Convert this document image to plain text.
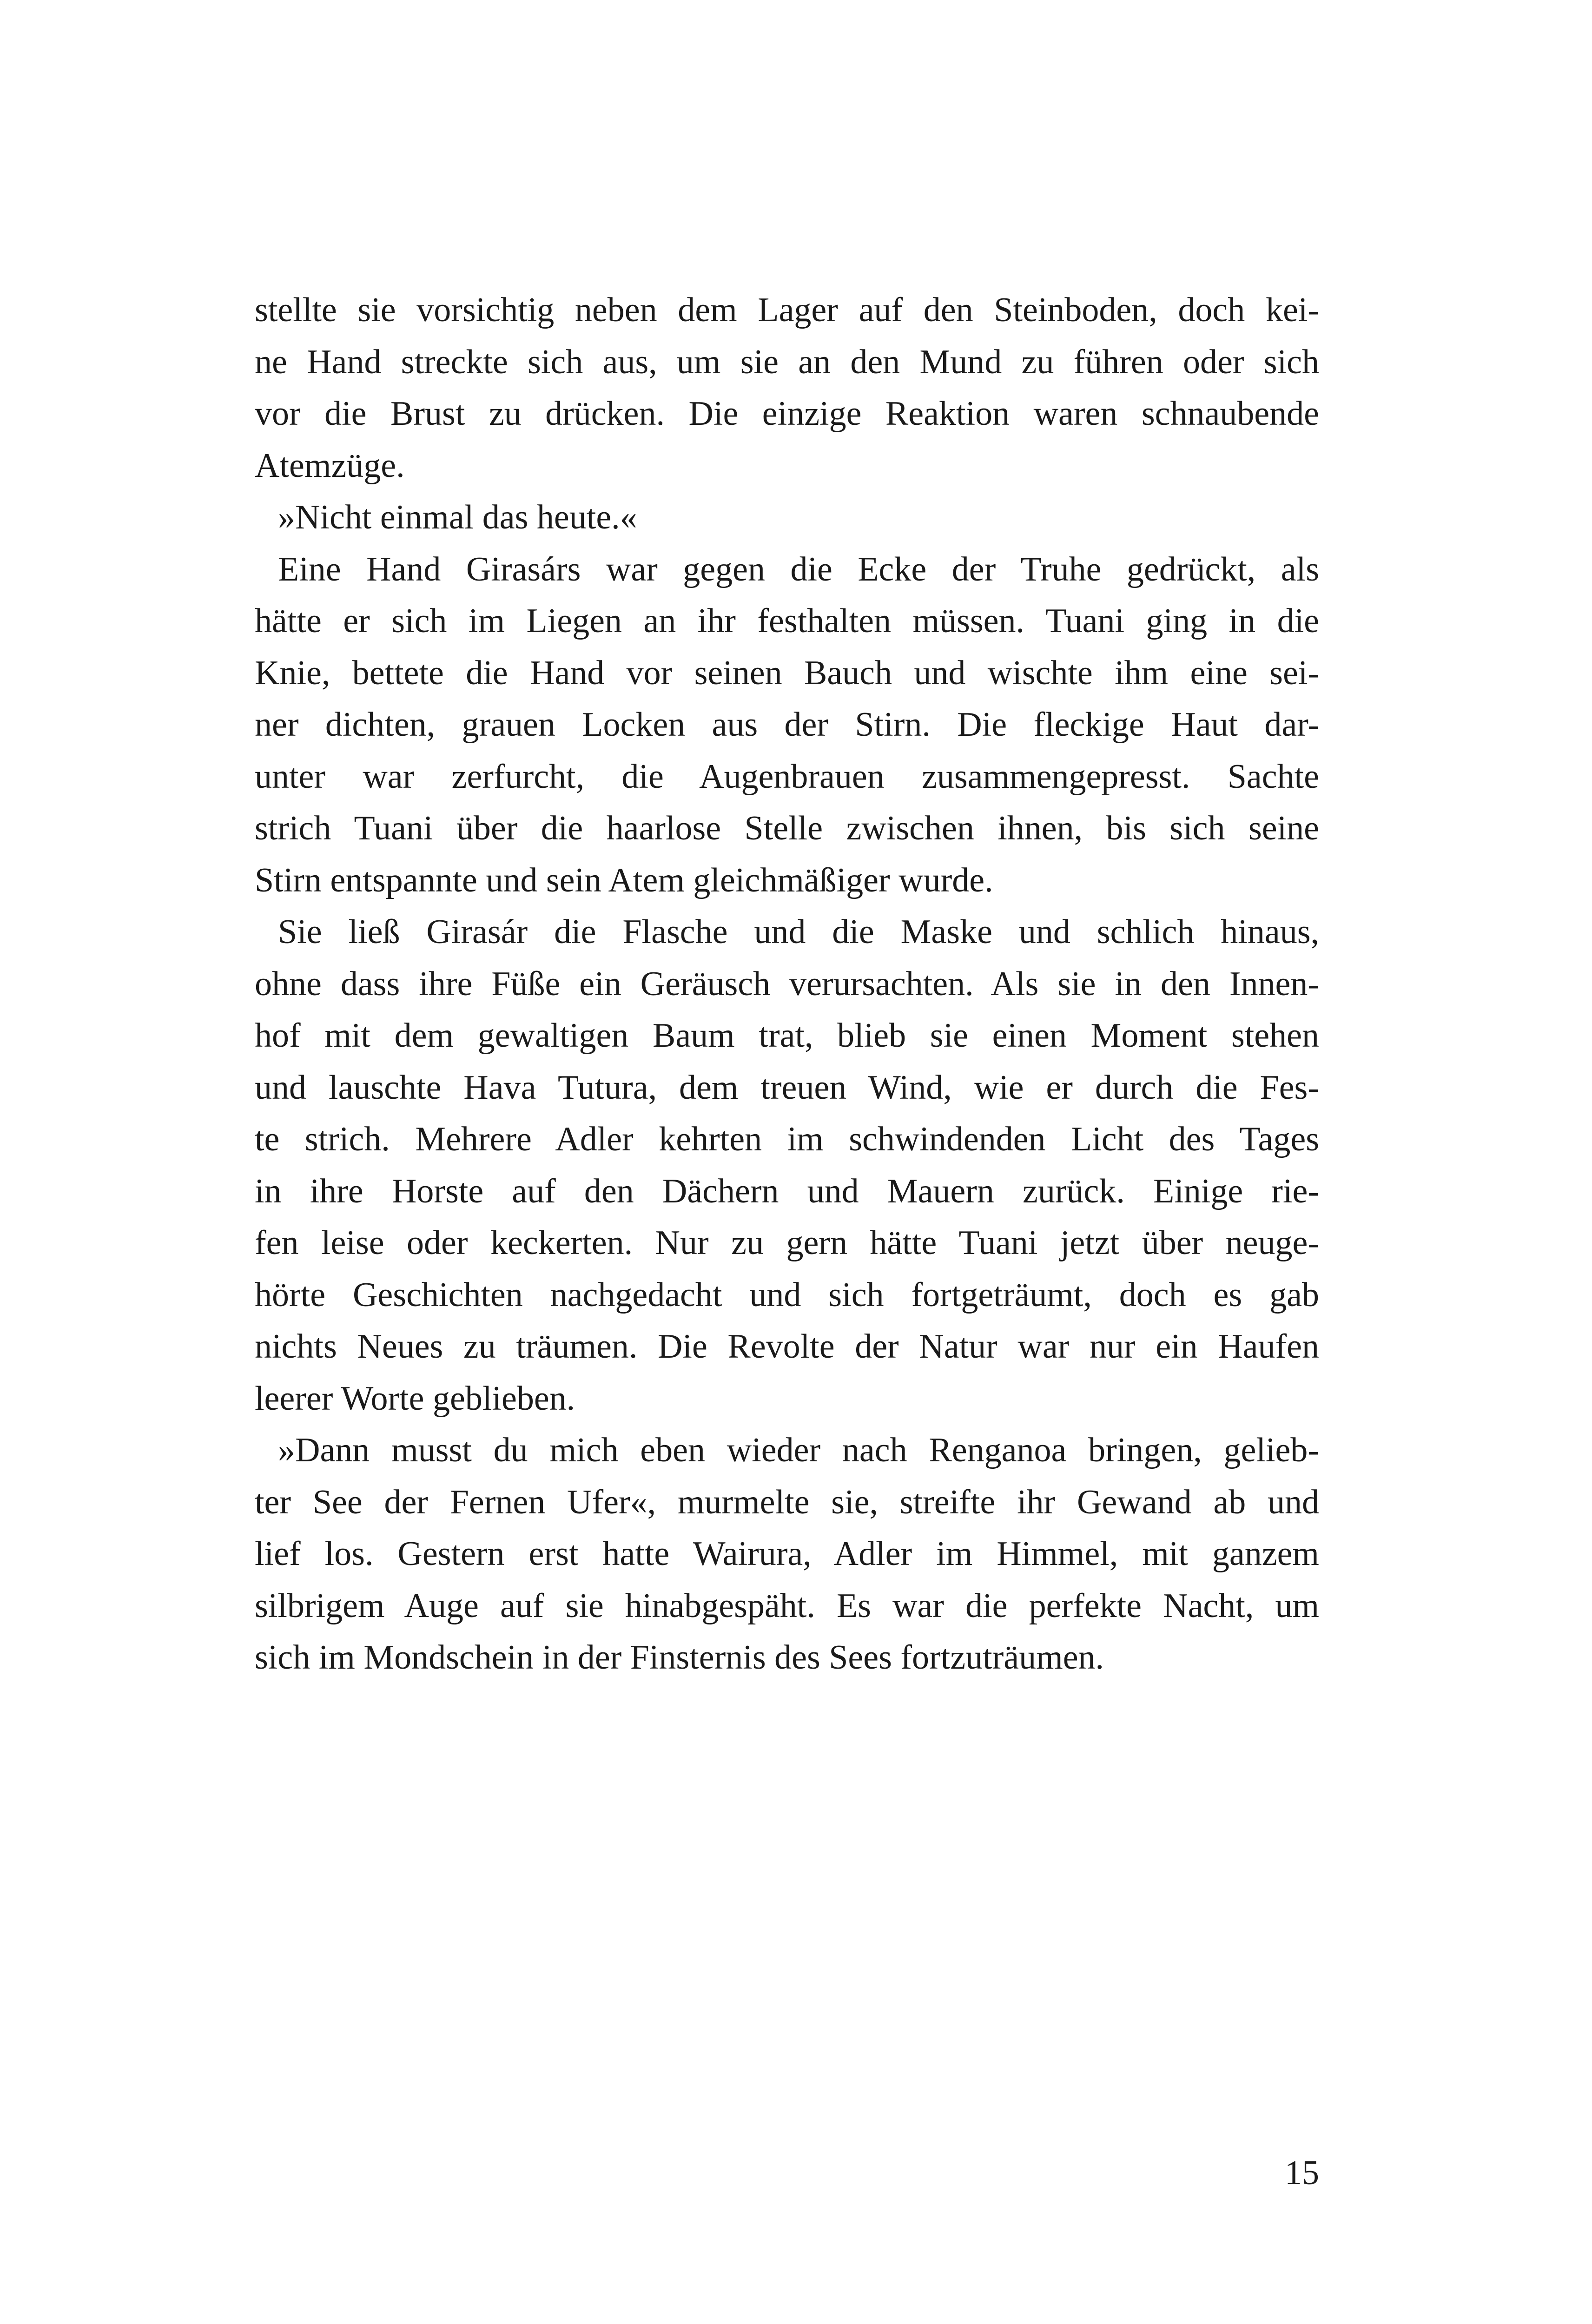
stellte sie vorsichtig neben dem Lager auf den Steinboden, doch kei-
ne Hand streckte sich aus, um sie an den Mund zu führen oder sich
vor die Brust zu drücken. Die einzige Reaktion waren schnaubende
Atemzüge.
»Nicht einmal das heute.«
Eine Hand Girasárs war gegen die Ecke der Truhe gedrückt, als
hätte er sich im Liegen an ihr festhalten müssen. Tuani ging in die
Knie, bettete die Hand vor seinen Bauch und wischte ihm eine sei-
ner dichten, grauen Locken aus der Stirn. Die fleckige Haut dar-
unter war zerfurcht, die Augenbrauen zusammengepresst. Sachte
strich Tuani über die haarlose Stelle zwischen ihnen, bis sich seine
Stirn entspannte und sein Atem gleichmäßiger wurde.
Sie ließ Girasár die Flasche und die Maske und schlich hinaus,
ohne dass ihre Füße ein Geräusch verursachten. Als sie in den Innen-
hof mit dem gewaltigen Baum trat, blieb sie einen Moment stehen
und lauschte Hava Tutura, dem treuen Wind, wie er durch die Fes-
te strich. Mehrere Adler kehrten im schwindenden Licht des Tages
in ihre Horste auf den Dächern und Mauern zurück. Einige rie-
fen leise oder keckerten. Nur zu gern hätte Tuani jetzt über neuge-
hörte Geschichten nachgedacht und sich fortgeträumt, doch es gab
nichts Neues zu träumen. Die Revolte der Natur war nur ein Haufen
leerer Worte geblieben.
»Dann musst du mich eben wieder nach Renganoa bringen, gelieb-
ter See der Fernen Ufer«, murmelte sie, streifte ihr Gewand ab und
lief los. Gestern erst hatte Wairura, Adler im Himmel, mit ganzem
silbrigem Auge auf sie hinabgespäht. Es war die perfekte Nacht, um
sich im Mondschein in der Finsternis des Sees fortzuträumen.
15
